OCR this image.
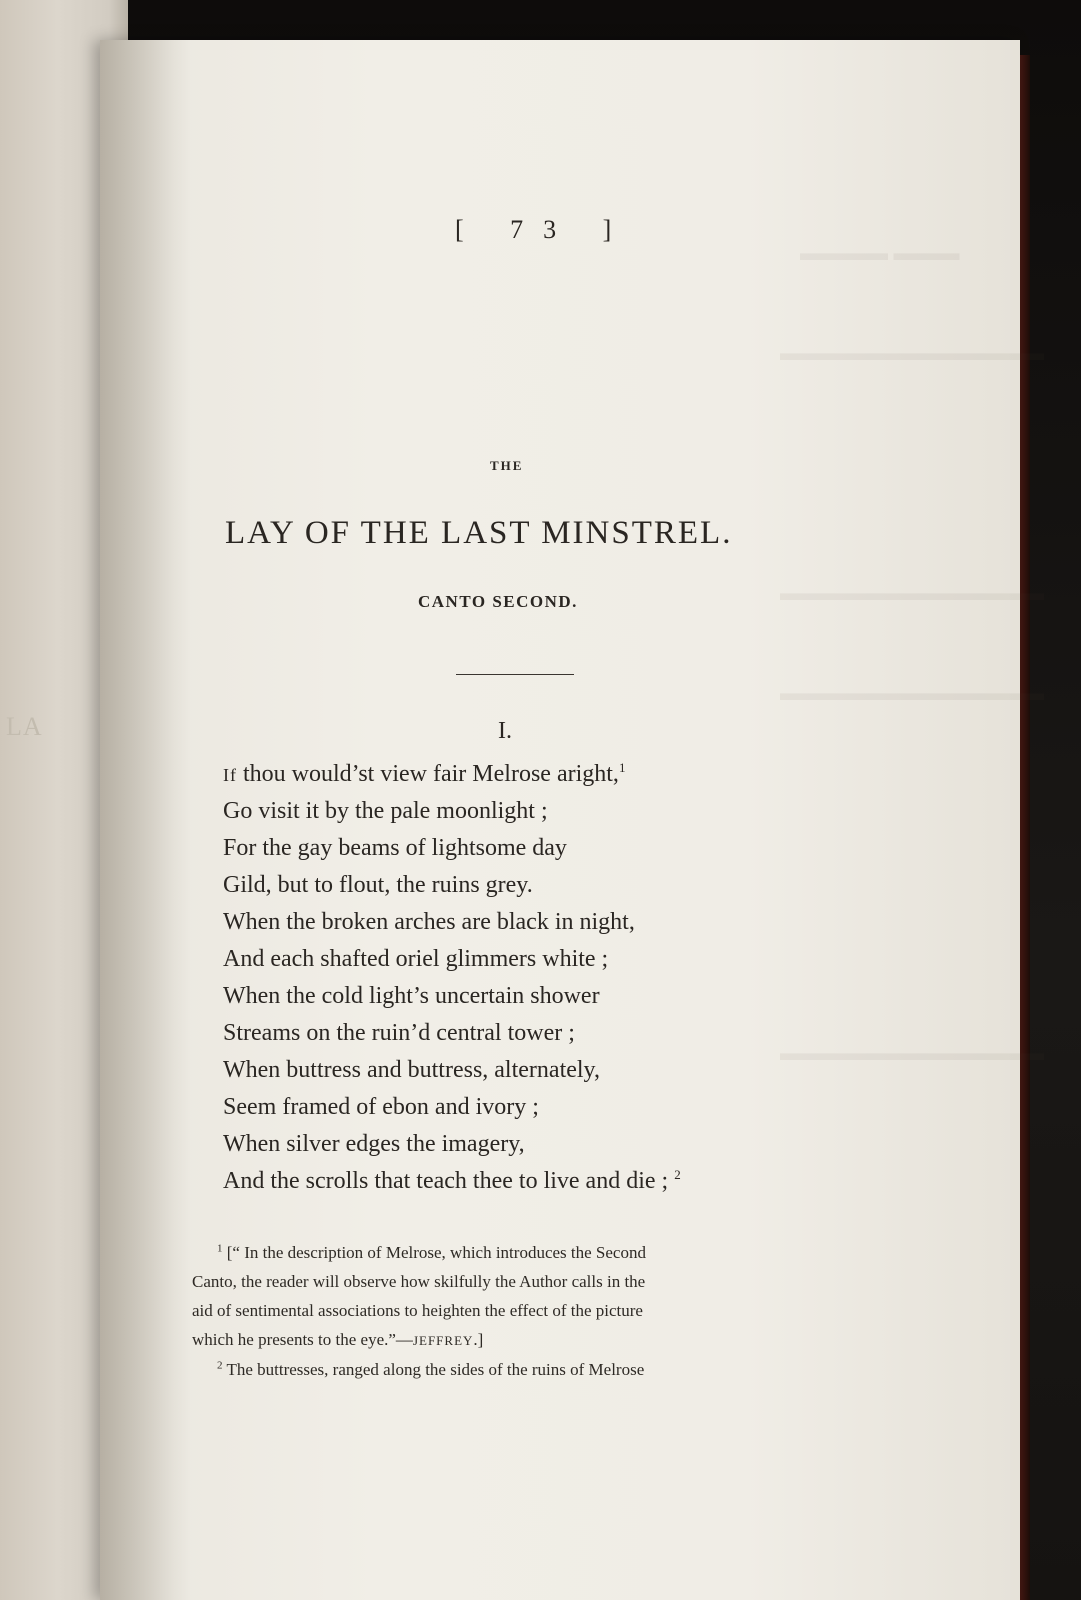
LA
▬▬▬▬ ▬▬▬
▬▬▬▬▬▬▬▬▬▬▬▬
▬▬▬▬▬▬▬▬▬▬▬▬
▬▬▬▬▬▬▬▬▬▬▬▬
▬▬▬▬▬▬▬▬▬▬▬▬
[ 73 ]
THE
LAY OF THE LAST MINSTREL.
CANTO SECOND.
I.
If thou would’st view fair Melrose aright,$^1$
Go visit it by the pale moonlight ;
For the gay beams of lightsome day
Gild, but to flout, the ruins grey.
When the broken arches are black in night,
And each shafted oriel glimmers white ;
When the cold light’s uncertain shower
Streams on the ruin’d central tower ;
When buttress and buttress, alternately,
Seem framed of ebon and ivory ;
When silver edges the imagery,
And the scrolls that teach thee to live and die ; $^2$
$^1$ [“ In the description of Melrose, which introduces the Second
Canto, the reader will observe how skilfully the Author calls in the
aid of sentimental associations to heighten the effect of the picture
which he presents to the eye.”—JEFFREY.]
$^2$ The buttresses, ranged along the sides of the ruins of Melrose
